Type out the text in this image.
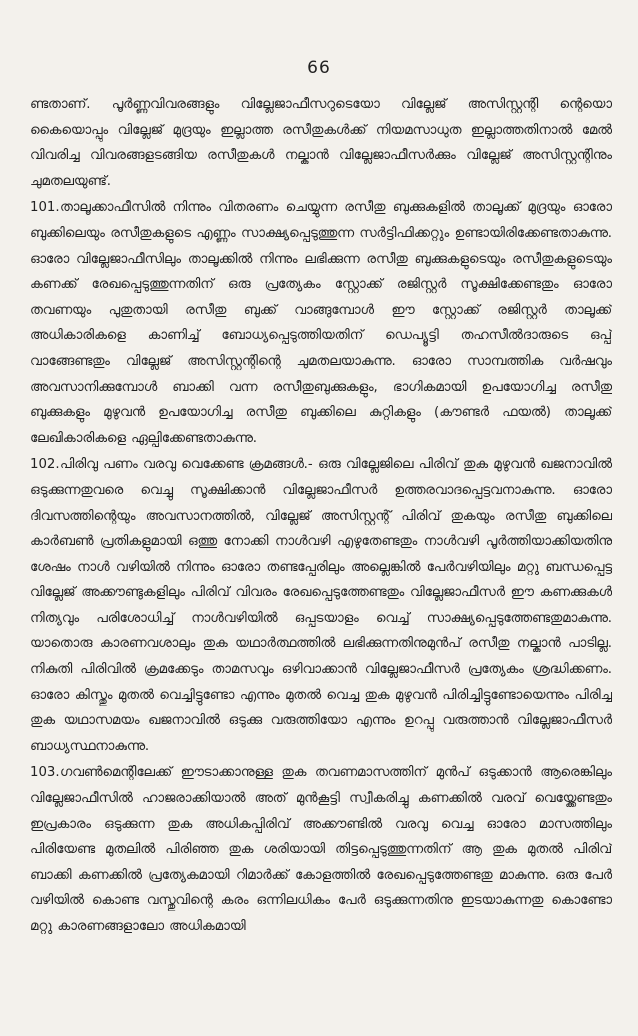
66

ണ്ടതാണ്. പൂർണ്ണവിവരങ്ങളും വില്ലേജാഫീസറുടെയോ വില്ലേജ് അസിസ്റ്റന്റി ന്റെയൊ കൈയൊപ്പും വില്ലേജ് മുദ്രയും ഇല്ലാത്ത രസീതുകൾക്ക് നിയമസാധുത ഇല്ലാത്തതിനാൽ മേൽ വിവരിച്ച വിവരങ്ങളടങ്ങിയ രസീതുകൾ നല്കാൻ വില്ലേജാഫീസർക്കും വില്ലേജ് അസിസ്റ്റന്റിനും ചുമതലയുണ്ട്.

101.താലൂക്കാഫീസിൽ നിന്നും വിതരണം ചെയ്യുന്ന രസീതു ബുക്കുകളിൽ താലൂക്ക് മുദ്രയും ഓരോ ബുക്കിലെയും രസീതുകളുടെ എണ്ണം സാക്ഷ്യപ്പെടുത്തുന്ന സർട്ടിഫിക്കറ്റും ഉണ്ടായിരിക്കേണ്ടതാകുന്നു. ഓരോ വില്ലേജാഫീസിലും താലൂക്കിൽ നിന്നും ലഭിക്കുന്ന രസീതു ബുക്കുകളുടെയും രസീതുകളുടെയും കണക്ക് രേഖപ്പെടുത്തുന്നതിന് ഒരു പ്രത്യേകം സ്റ്റോക്ക് രജിസ്റ്റർ സൂക്ഷിക്കേണ്ടതും ഓരോ തവണയും പുതുതായി രസീതു ബുക്ക് വാങ്ങുമ്പോൾ ഈ സ്റ്റോക്ക് രജിസ്റ്റർ താലൂക്ക് അധികാരികളെ കാണിച്ച് ബോധ്യപ്പെടുത്തിയതിന് ഡെപ്യൂട്ടി തഹസീൽദാരുടെ ഒപ്പ് വാങ്ങേണ്ടതും വില്ലേജ് അസിസ്റ്റന്റിന്റെ ചുമതലയാകുന്നു. ഓരോ സാമ്പത്തിക വർഷവും അവസാനിക്കുമ്പോൾ ബാക്കി വന്ന രസീതുബുക്കുകളും, ഭാഗികമായി ഉപയോഗിച്ച രസീതു ബുക്കുകളും മുഴുവൻ ഉപയോഗിച്ച രസീതു ബുക്കിലെ കുറ്റികളും (കൗണ്ടർ ഫയൽ) താലൂക്ക് ലേഖികാരികളെ ഏല്പിക്കേണ്ടതാകുന്നു.

102.പിരിവു പണം വരവു വെക്കേണ്ട ക്രമങ്ങൾ.- ഒരു വില്ലേജിലെ പിരിവ് തുക മുഴുവൻ ഖജനാവിൽ ഒടുക്കുന്നതുവരെ വെച്ചു സൂക്ഷിക്കാൻ വില്ലേജാഫീസർ ഉത്തരവാദപ്പെട്ടവനാകുന്നു. ഓരോ ദിവസത്തിന്റെയും അവസാനത്തിൽ, വില്ലേജ് അസിസ്റ്റന്റ് പിരിവ് തുകയും രസീതു ബുക്കിലെ കാർബൺ പ്രതികളുമായി ഒത്തു നോക്കി നാൾവഴി എഴുതേണ്ടതും നാൾവഴി പൂർത്തിയാക്കിയതിനു ശേഷം നാൾ വഴിയിൽ നിന്നും ഓരോ തണ്ടപ്പേരിലും അല്ലെങ്കിൽ പേർവഴിയിലും മറ്റു ബന്ധപ്പെട്ട വില്ലേജ് അക്കൗണ്ടുകളിലും പിരിവ് വിവരം രേഖപ്പെടുത്തേണ്ടതും വില്ലേജാഫീസർ ഈ കണക്കുകൾ നിത്യവും പരിശോധിച്ച് നാൾവഴിയിൽ ഒപ്പടയാളം വെച്ച് സാക്ഷ്യപ്പെടുത്തേണ്ടതുമാകുന്നു. യാതൊരു കാരണവശാലും തുക യഥാർത്ഥത്തിൽ ലഭിക്കുന്നതിനുമുൻപ് രസീതു നല്കാൻ പാടില്ല. നികുതി പിരിവിൽ ക്രമക്കേടും താമസവും ഒഴിവാക്കാൻ വില്ലേജാഫീസർ പ്രത്യേകം ശ്രദ്ധിക്കണം. ഓരോ കിസ്തും മുതൽ വെച്ചിട്ടുണ്ടോ എന്നും മുതൽ വെച്ച തുക മുഴുവൻ പിരിച്ചിട്ടുണ്ടോയെന്നും പിരിച്ച തുക യഥാസമയം ഖജനാവിൽ ഒടുക്കു വരുത്തിയോ എന്നും ഉറപ്പു വരുത്താൻ വില്ലേജാഫീസർ ബാധ്യസ്ഥനാകുന്നു.

103.ഗവൺമെന്റിലേക്ക് ഈടാക്കാനുള്ള തുക തവണമാസത്തിന് മുൻപ് ഒടുക്കാൻ ആരെങ്കിലും വില്ലേജാഫീസിൽ ഹാജരാക്കിയാൽ അത് മുൻകൂട്ടി സ്വീകരിച്ചു കണക്കിൽ വരവ് വെയ്ക്കേണ്ടതും ഇപ്രകാരം ഒടുക്കുന്ന തുക അധികപ്പിരിവ് അക്കൗണ്ടിൽ വരവു വെച്ച ഓരോ മാസത്തിലും പിരിയേണ്ട മുതലിൽ പിരിഞ്ഞ തുക ശരിയായി തിട്ടപ്പെടുത്തുന്നതിന് ആ തുക മുതൽ പിരിവ് ബാക്കി കണക്കിൽ പ്രത്യേകമായി റിമാർക്ക് കോളത്തിൽ രേഖപ്പെടുത്തേണ്ടതു മാകുന്നു. ഒരു പേർ വഴിയിൽ കൊണ്ട വസ്തുവിന്റെ കരം ഒന്നിലധികം പേർ ഒടുക്കുന്നതിനു ഇടയാകുന്നതു കൊണ്ടോ മറ്റു കാരണങ്ങളാലോ അധികമായി
